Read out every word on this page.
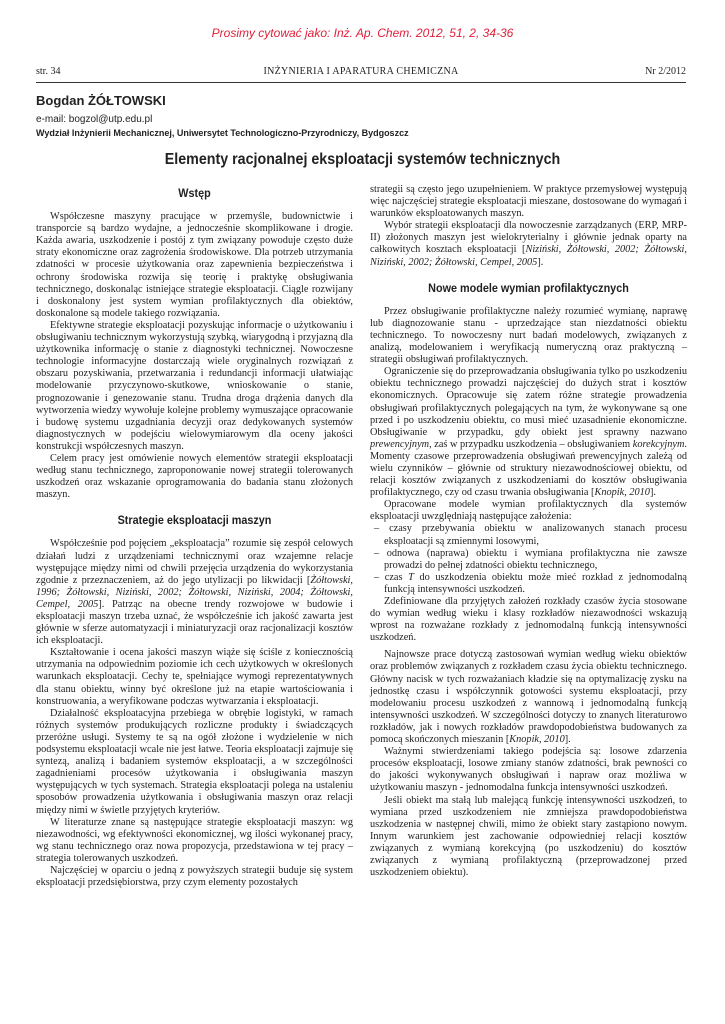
Prosimy cytować jako: Inż. Ap. Chem. 2012, 51, 2, 34-36
str. 34	INŻYNIERIA I APARATURA CHEMICZNA	Nr 2/2012
Bogdan ŻÓŁTOWSKI
e-mail: bogzol@utp.edu.pl
Wydział Inżynierii Mechanicznej, Uniwersytet Technologiczno-Przyrodniczy, Bydgoszcz
Elementy racjonalnej eksploatacji systemów technicznych
Wstęp

Współczesne maszyny pracujące w przemyśle, budownictwie i transporcie są bardzo wydajne, a jednocześnie skomplikowane i drogie. Każda awaria, uszkodzenie i postój z tym związany powoduje często duże straty ekonomiczne oraz zagrożenia środowiskowe. Dla potrzeb utrzymania zdatności w procesie użytkowania oraz zapewnienia bezpieczeństwa i ochrony środowiska rozwija się teorię i praktykę obsługiwania technicznego, doskonaląc istniejące strategie eksploatacji. Ciągle rozwijany i doskonalony jest system wymian profilaktycznych dla obiektów, doskonalone są modele takiego rozwiązania.

Efektywne strategie eksploatacji pozyskując informacje o użytkowaniu i obsługiwaniu technicznym wykorzystują szybką, wiarygodną i przyjazną dla użytkownika informację o stanie z diagnostyki technicznej. Nowoczesne technologie informacyjne dostarczają wiele oryginalnych rozwiązań z obszaru pozyskiwania, przetwarzania i redundancji informacji ułatwiając modelowanie przyczynowo-skutkowe, wnioskowanie o stanie, prognozowanie i genezowanie stanu. Trudna droga drążenia danych dla wytworzenia wiedzy wywołuje kolejne problemy wymuszające opracowanie i budowę systemu uzgadniania decyzji oraz dedykowanych systemów diagnostycznych w podejściu wielowymiarowym dla oceny jakości konstrukcji współczesnych maszyn.

Celem pracy jest omówienie nowych elementów strategii eksploatacji według stanu technicznego, zaproponowanie nowej strategii tolerowanych uszkodzeń oraz wskazanie oprogramowania do badania stanu złożonych maszyn.

Strategie eksploatacji maszyn

Współcześnie pod pojęciem „eksploatacja” rozumie się zespół celowych działań ludzi z urządzeniami technicznymi oraz wzajemne relacje występujące między nimi od chwili przejęcia urządzenia do wykorzystania zgodnie z przeznaczeniem, aż do jego utylizacji po likwidacji [Żółtowski, 1996; Żółtowski, Niziński, 2002; Żółtowski, Niziński, 2004; Żółtowski, Cempel, 2005]. Patrząc na obecne trendy rozwojowe w budowie i eksploatacji maszyn trzeba uznać, że współcześnie ich jakość zawarta jest głównie w sferze automatyzacji i miniaturyzacji oraz racjonalizacji kosztów ich eksploatacji.

Kształtowanie i ocena jakości maszyn wiąże się ściśle z koniecznością utrzymania na odpowiednim poziomie ich cech użytkowych w określonych warunkach eksploatacji. Cechy te, spełniające wymogi reprezentatywnych dla stanu obiektu, winny być określone już na etapie wartościowania i konstruowania, a weryfikowane podczas wytwarzania i eksploatacji.

Działalność eksploatacyjna przebiega w obrębie logistyki, w ramach różnych systemów produkujących rozliczne produkty i świadczących przeróżne usługi. Systemy te są na ogół złożone i wydzielenie w nich podsystemu eksploatacji wcale nie jest łatwe. Teoria eksploatacji zajmuje się syntezą, analizą i badaniem systemów eksploatacji, a w szczególności zagadnieniami procesów użytkowania i obsługiwania maszyn występujących w tych systemach. Strategia eksploatacji polega na ustaleniu sposobów prowadzenia użytkowania i obsługiwania maszyn oraz relacji między nimi w świetle przyjętych kryteriów.

W literaturze znane są następujące strategie eksploatacji maszyn: wg niezawodności, wg efektywności ekonomicznej, wg ilości wykonanej pracy, wg stanu technicznego oraz nowa propozycja, przedstawiona w tej pracy – strategia tolerowanych uszkodzeń.

Najczęściej w oparciu o jedną z powyższych strategii buduje się system eksploatacji przedsiębiorstwa, przy czym elementy pozostałych

strategii są często jego uzupełnieniem. W praktyce przemysłowej występują więc najczęściej strategie eksploatacji mieszane, dostosowane do wymagań i warunków eksploatowanych maszyn.

Wybór strategii eksploatacji dla nowoczesnie zarządzanych (ERP, MRP-II) złożonych maszyn jest wielokryterialny i głównie jednak oparty na całkowitych kosztach eksploatacji [Niziński, Żółtowski, 2002; Żółtowski, Niziński, 2002; Żółtowski, Cempel, 2005].

Nowe modele wymian profilaktycznych

Przez obsługiwanie profilaktyczne należy rozumieć wymianę, naprawę lub diagnozowanie stanu - uprzedzające stan niezdatności obiektu technicznego. To nowoczesny nurt badań modelowych, związanych z analizą, modelowaniem i weryfikacją numeryczną oraz praktyczną – strategii obsługiwań profilaktycznych.

Ograniczenie się do przeprowadzania obsługiwania tylko po uszkodzeniu obiektu technicznego prowadzi najczęściej do dużych strat i kosztów ekonomicznych. Opracowuje się zatem różne strategie prowadzenia obsługiwań profilaktycznych polegających na tym, że wykonywane są one przed i po uszkodzeniu obiektu, co musi mieć uzasadnienie ekonomiczne. Obsługiwanie w przypadku, gdy obiekt jest sprawny nazwano prewencyjnym, zaś w przypadku uszkodzenia – obsługiwaniem korekcyjnym. Momenty czasowe przeprowadzenia obsługiwań prewencyjnych zależą od wielu czynników – głównie od struktury niezawodnościowej obiektu, od relacji kosztów związanych z uszkodzeniami do kosztów obsługiwania profilaktycznego, czy od czasu trwania obsługiwania [Knopik, 2010].

Opracowane modele wymian profilaktycznych dla systemów eksploatacji uwzględniają następujące założenia:

– czasy przebywania obiektu w analizowanych stanach procesu eksploatacji są zmiennymi losowymi,
– odnowa (naprawa) obiektu i wymiana profilaktyczna nie zawsze prowadzi do pełnej zdatności obiektu technicznego,
– czas T do uszkodzenia obiektu może mieć rozkład z jednomodalną funkcją intensywności uszkodzeń.

Zdefiniowane dla przyjętych założeń rozkłady czasów życia stosowane do wymian według wieku i klasy rozkładów niezawodności wskazują wprost na rozważane rozkłady z jednomodalną funkcją intensywności uszkodzeń.

Najnowsze prace dotyczą zastosowań wymian według wieku obiektów oraz problemów związanych z rozkładem czasu życia obiektu technicznego. Główny nacisk w tych rozważaniach kładzie się na optymalizację zysku na jednostkę czasu i współczynnik gotowości systemu eksploatacji, przy modelowaniu procesu uszkodzeń z wannową i jednomodalną funkcją intensywności uszkodzeń. W szczególności dotyczy to znanych literaturowo rozkładów, jak i nowych rozkładów prawdopodobieństwa budowanych za pomocą skończonych mieszanin [Knopik, 2010].

Ważnymi stwierdzeniami takiego podejścia są: losowe zdarzenia procesów eksploatacji, losowe zmiany stanów zdatności, brak pewności co do jakości wykonywanych obsługiwań i napraw oraz możliwa w użytkowaniu maszyn - jednomodalna funkcja intensywności uszkodzeń.

Jeśli obiekt ma stałą lub malejącą funkcję intensywności uszkodzeń, to wymiana przed uszkodzeniem nie zmniejsza prawdopodobieństwa uszkodzenia w następnej chwili, mimo że obiekt stary zastąpiono nowym. Innym warunkiem jest zachowanie odpowiedniej relacji kosztów związanych z wymianą korekcyjną (po uszkodzeniu) do kosztów związanych z wymianą profilaktyczną (przeprowadzonej przed uszkodzeniem obiektu).
